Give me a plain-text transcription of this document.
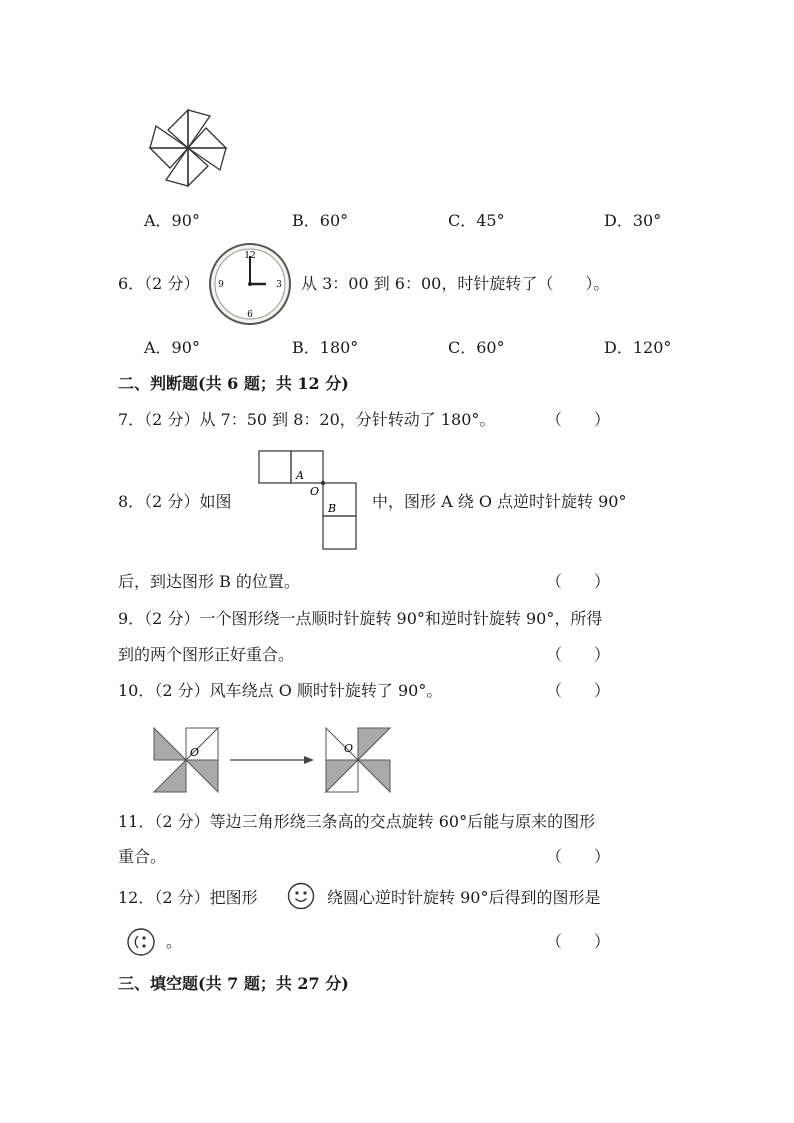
A．90°	B．60°	C．45°	D．30°
6．（2 分）
12
3
6
9	从 3：00 到 6：00，时针旋转了（　　）。
A．90°	B．180°	C．60°	D．120°
二、判断题(共 6 题；共 12 分)
7．（2 分）从 7：50 到 8：20，分针转动了 180°。	（　　）
8．（2 分）如图
A
O
B 中，图形 A 绕 O 点逆时针旋转 90°
后，到达图形 B 的位置。	（　　）
9．（2 分）一个图形绕一点顺时针旋转 90°和逆时针旋转 90°，所得
到的两个图形正好重合。	（　　）
10．（2 分）风车绕点 O 顺时针旋转了 90°。	（　　）
O	O
11．（2 分）等边三角形绕三条高的交点旋转 60°后能与原来的图形
重合。	（　　）
12．（2 分）把图形	绕圆心逆时针旋转 90°后得到的图形是
。	（　　）
三、填空题(共 7 题；共 27 分)
